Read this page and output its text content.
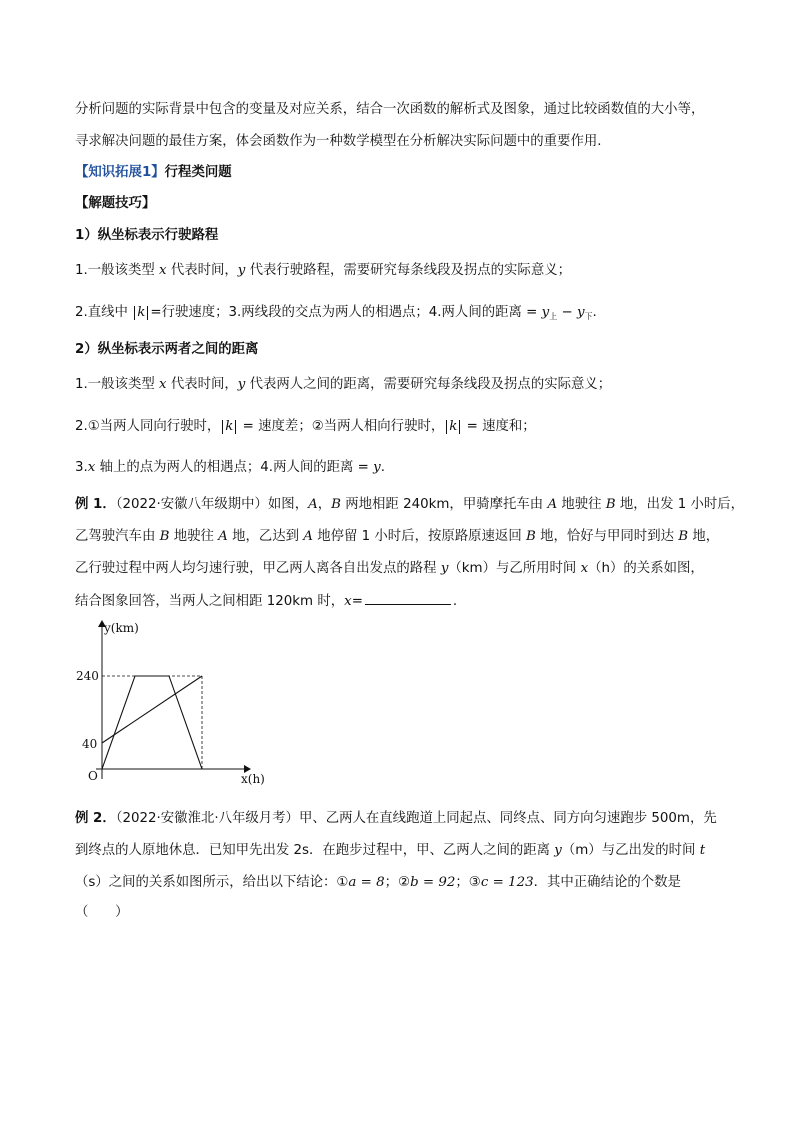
分析问题的实际背景中包含的变量及对应关系，结合一次函数的解析式及图象，通过比较函数值的大小等，
寻求解决问题的最佳方案，体会函数作为一种数学模型在分析解决实际问题中的重要作用.
【知识拓展1】行程类问题
【解题技巧】
1）纵坐标表示行驶路程
1.一般该类型 x 代表时间，y 代表行驶路程，需要研究每条线段及拐点的实际意义；
2.直线中 k =行驶速度；3.两线段的交点为两人的相遇点；4.两人间的距离 = $y_上 - y_下$.
2）纵坐标表示两者之间的距离
1.一般该类型 x 代表时间，y 代表两人之间的距离，需要研究每条线段及拐点的实际意义；
2.①当两人同向行驶时， k = 速度差；②当两人相向行驶时， k = 速度和；
3.x 轴上的点为两人的相遇点；4.两人间的距离 = y.
例 1．（2022·安徽八年级期中）如图，A，B 两地相距 240km，甲骑摩托车由 A 地驶往 B 地，出发 1 小时后，
乙驾驶汽车由 B 地驶往 A 地，乙达到 A 地停留 1 小时后，按原路原速返回 B 地，恰好与甲同时到达 B 地，
乙行驶过程中两人均匀速行驶，甲乙两人离各自出发点的路程 y（km）与乙所用时间 x（h）的关系如图，
结合图象回答，当两人之间相距 120km 时，x=	.
y(km)
x(h)
O
240
40
例 2．（2022·安徽淮北·八年级月考）甲、乙两人在直线跑道上同起点、同终点、同方向匀速跑步 500m，先
到终点的人原地休息．已知甲先出发 2s．在跑步过程中，甲、乙两人之间的距离 y（m）与乙出发的时间 t
（s）之间的关系如图所示，给出以下结论：①a = 8；②b = 92；③c = 123．其中正确结论的个数是
（　　）
